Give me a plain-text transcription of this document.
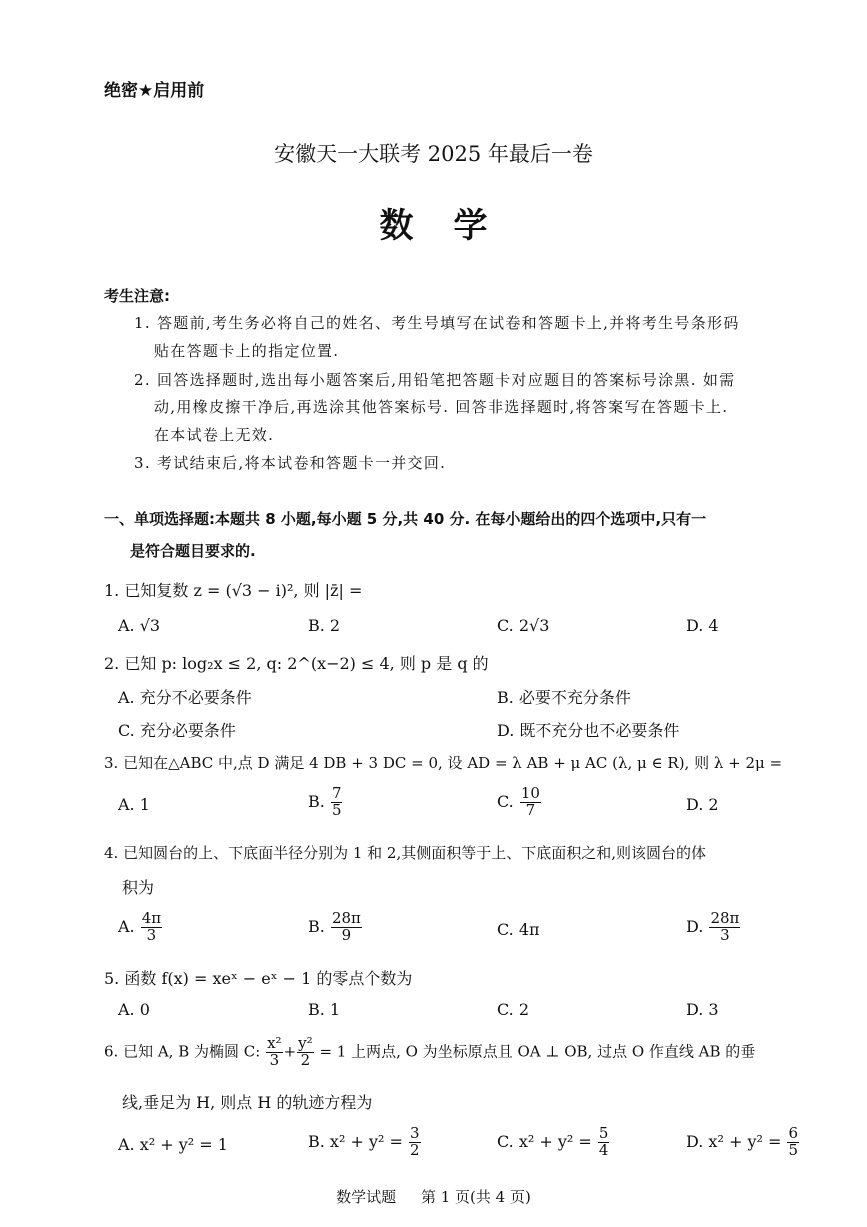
绝密★启用前
安徽天一大联考 2025 年最后一卷
数学
考生注意:
1. 答题前,考生务必将自己的姓名、考生号填写在试卷和答题卡上,并将考生号条形码
贴在答题卡上的指定位置.
2. 回答选择题时,选出每小题答案后,用铅笔把答题卡对应题目的答案标号涂黑. 如需
动,用橡皮擦干净后,再选涂其他答案标号. 回答非选择题时,将答案写在答题卡上.
在本试卷上无效.
3. 考试结束后,将本试卷和答题卡一并交回.
一、单项选择题:本题共 8 小题,每小题 5 分,共 40 分. 在每小题给出的四个选项中,只有一
是符合题目要求的.
1. 已知复数 z = (√3 − i)², 则 |z̄| =
A. √3	B. 2	C. 2√3	D. 4
2. 已知 p: log₂x ≤ 2, q: 2^(x−2) ≤ 4, 则 p 是 q 的
A. 充分不必要条件	B. 必要不充分条件
C. 充分必要条件	D. 既不充分也不必要条件
3. 已知在△ABC 中,点 D 满足 4 DB + 3 DC = 0, 设 AD = λ AB + μ AC (λ, μ ∈ R), 则 λ + 2μ =
A. 1	B. $\frac{7}{5}$	C. $\frac{10}{7}$	D. 2
4. 已知圆台的上、下底面半径分别为 1 和 2,其侧面积等于上、下底面积之和,则该圆台的体
积为
A. $\frac{4\pi}{3}$	B. $\frac{28\pi}{9}$	C. 4π	D. $\frac{28\pi}{3}$
5. 函数 f(x) = xeˣ − eˣ − 1 的零点个数为
A. 0	B. 1	C. 2	D. 3
6. 已知 A, B 为椭圆 C: $\frac{\text{x²}}{3} + \frac{\text{y²}}{2} = 1$ 上两点, O 为坐标原点且 OA ⊥ OB, 过点 O 作直线 AB 的垂
线,垂足为 H, 则点 H 的轨迹方程为
A. x² + y² = 1	B. $x^2 + y^2 = \frac{3}{2}$	C. $x^2 + y^2 = \frac{5}{4}$	D. $x^2 + y^2 = \frac{6}{5}$
数学试题 第 1 页(共 4 页)
